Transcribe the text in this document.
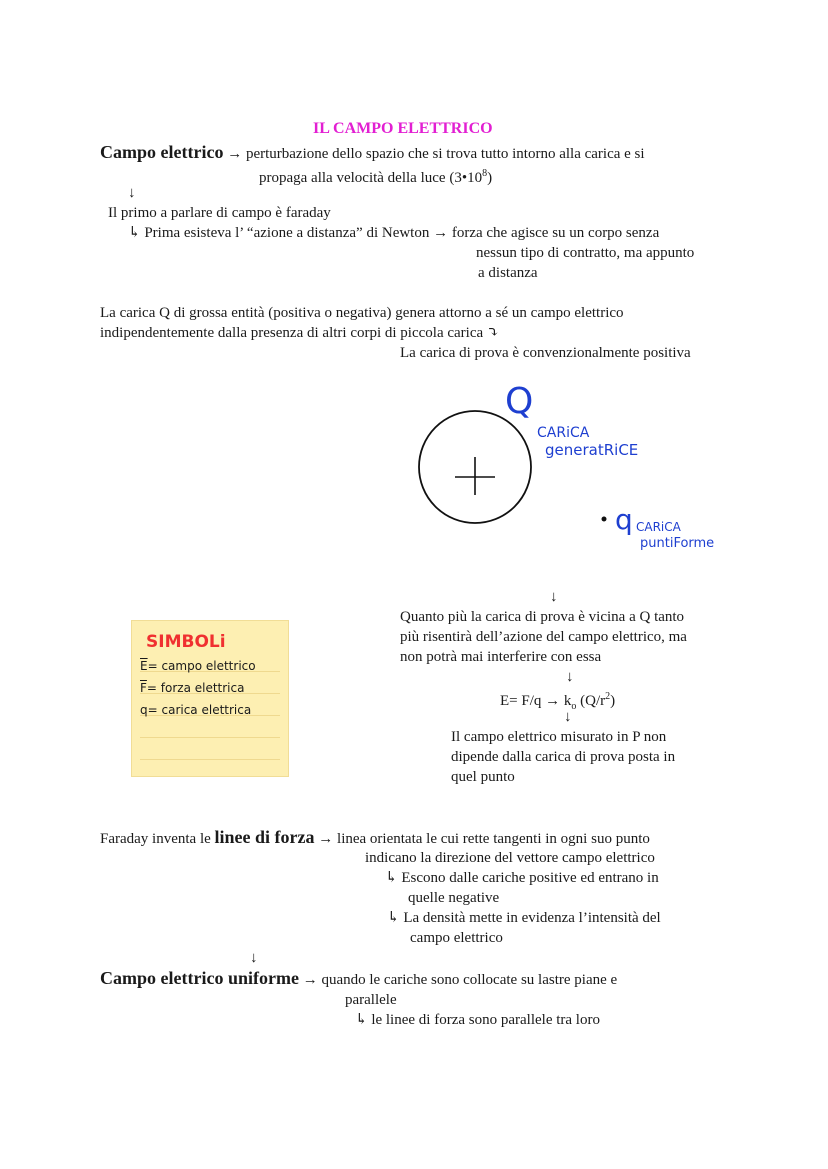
IL CAMPO ELETTRICO
Campo elettrico → perturbazione dello spazio che si trova tutto intorno alla carica e si
propaga alla velocità della luce $(3•10^8)$
↓
Il primo a parlare di campo è faraday
↳ Prima esisteva l’ “azione a distanza” di Newton → forza che agisce su un corpo senza
nessun tipo di contratto, ma appunto
a distanza
La carica Q di grossa entità (positiva o negativa) genera attorno a sé un campo elettrico
indipendentemente dalla presenza di altri corpi di piccola carica ⤵
La carica di prova è convenzionalmente positiva
Q
CARiCA
generatRiCE
q CARiCA
puntiForme
↓
Quanto più la carica di prova è vicina a Q tanto
più risentirà dell’azione del campo elettrico, ma
non potrà mai interferire con essa
↓
$E= F/q \to k_o$ $(Q/r^2)$
↓
Il campo elettrico misurato in P non
dipende dalla carica di prova posta in
quel punto
SIMBOLi
$\overline{E}=$ campo elettrico
$\overline{F}=$ forza elettrica
q= carica elettrica
Faraday inventa le linee di forza → linea orientata le cui rette tangenti in ogni suo punto
indicano la direzione del vettore campo elettrico
↳ Escono dalle cariche positive ed entrano in
quelle negative
↳ La densità mette in evidenza l’intensità del
campo elettrico
↓
Campo elettrico uniforme → quando le cariche sono collocate su lastre piane e
parallele
↳ le linee di forza sono parallele tra loro
